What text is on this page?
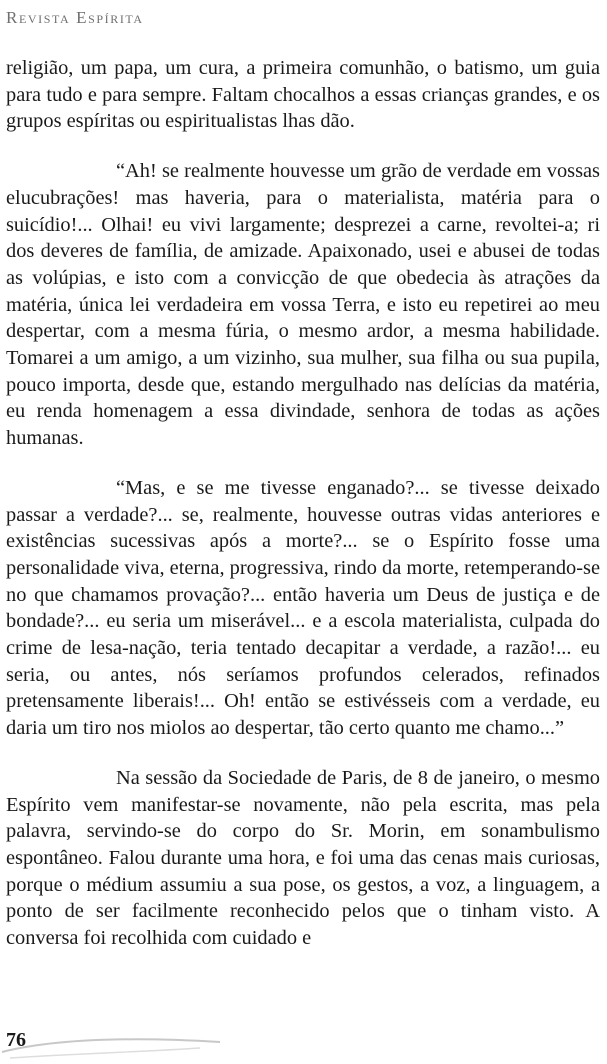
Revista Espírita

religião, um papa, um cura, a primeira comunhão, o batismo, um guia para tudo e para sempre. Faltam chocalhos a essas crianças grandes, e os grupos espíritas ou espiritualistas lhas dão.

“Ah! se realmente houvesse um grão de verdade em vossas elucubrações! mas haveria, para o materialista, matéria para o suicídio!... Olhai! eu vivi largamente; desprezei a carne, revoltei-a; ri dos deveres de família, de amizade. Apaixonado, usei e abusei de todas as volúpias, e isto com a convicção de que obedecia às atrações da matéria, única lei verdadeira em vossa Terra, e isto eu repetirei ao meu despertar, com a mesma fúria, o mesmo ardor, a mesma habilidade. Tomarei a um amigo, a um vizinho, sua mulher, sua filha ou sua pupila, pouco importa, desde que, estando mergulhado nas delícias da matéria, eu renda homenagem a essa divindade, senhora de todas as ações humanas.

“Mas, e se me tivesse enganado?... se tivesse deixado passar a verdade?... se, realmente, houvesse outras vidas anteriores e existências sucessivas após a morte?... se o Espírito fosse uma personalidade viva, eterna, progressiva, rindo da morte, retemperando-se no que chamamos provação?... então haveria um Deus de justiça e de bondade?... eu seria um miserável... e a escola materialista, culpada do crime de lesa-nação, teria tentado decapitar a verdade, a razão!... eu seria, ou antes, nós seríamos profundos celerados, refinados pretensamente liberais!... Oh! então se estivésseis com a verdade, eu daria um tiro nos miolos ao despertar, tão certo quanto me chamo...”

Na sessão da Sociedade de Paris, de 8 de janeiro, o mesmo Espírito vem manifestar-se novamente, não pela escrita, mas pela palavra, servindo-se do corpo do Sr. Morin, em sonambulismo espontâneo. Falou durante uma hora, e foi uma das cenas mais curiosas, porque o médium assumiu a sua pose, os gestos, a voz, a linguagem, a ponto de ser facilmente reconhecido pelos que o tinham visto. A conversa foi recolhida com cuidado e

76
